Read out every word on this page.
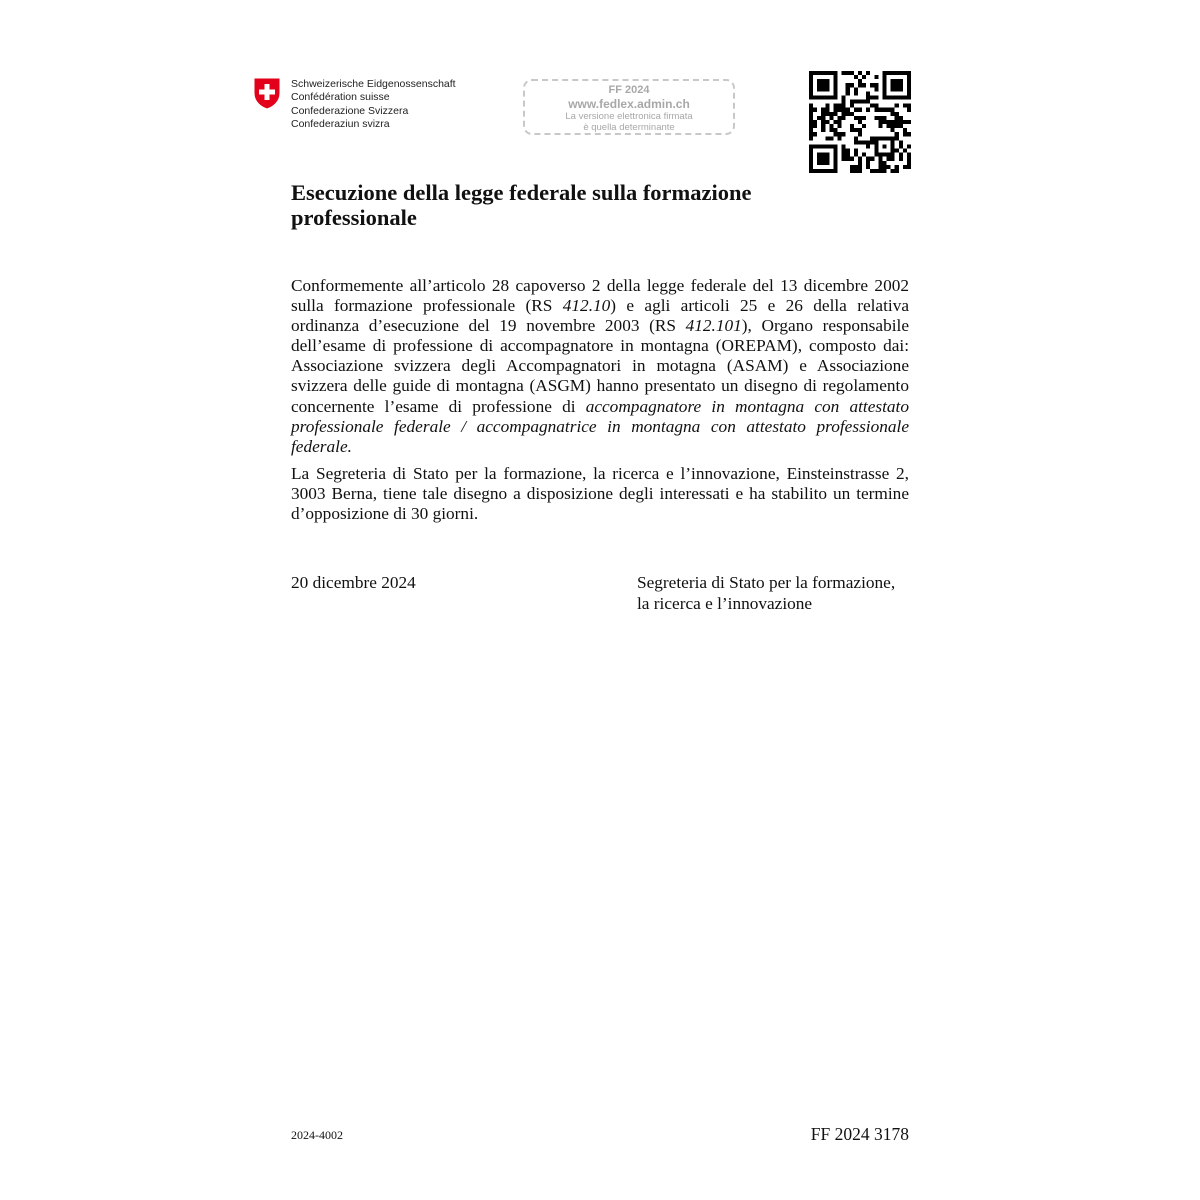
Schweizerische Eidgenossenschaft
Confédération suisse
Confederazione Svizzera
Confederaziun svizra
FF 2024
www.fedlex.admin.ch
La versione elettronica firmata
è quella determinante
Esecuzione della legge federale sulla formazione
professionale

Conformemente all’articolo 28 capoverso 2 della legge federale del 13 dicembre 2002 sulla formazione professionale (RS 412.10) e agli articoli 25 e 26 della relativa ordinanza d’esecuzione del 19 novembre 2003 (RS 412.101), Organo responsabile dell’esame di professione di accompagnatore in montagna (OREPAM), composto dai: Associazione svizzera degli Accompagnatori in motagna (ASAM) e Associazione svizzera delle guide di montagna (ASGM) hanno presentato un disegno di regolamento concernente l’esame di professione di accompagnatore in montagna con attestato professionale federale / accompagnatrice in montagna con attestato professionale federale.

La Segreteria di Stato per la formazione, la ricerca e l’innovazione, Einsteinstrasse 2, 3003 Berna, tiene tale disegno a disposizione degli interessati e ha stabilito un termine d’opposizione di 30 giorni.

20 dicembre 2024	Segreteria di Stato per la formazione,
la ricerca e l’innovazione
2024-4002	FF 2024 3178
